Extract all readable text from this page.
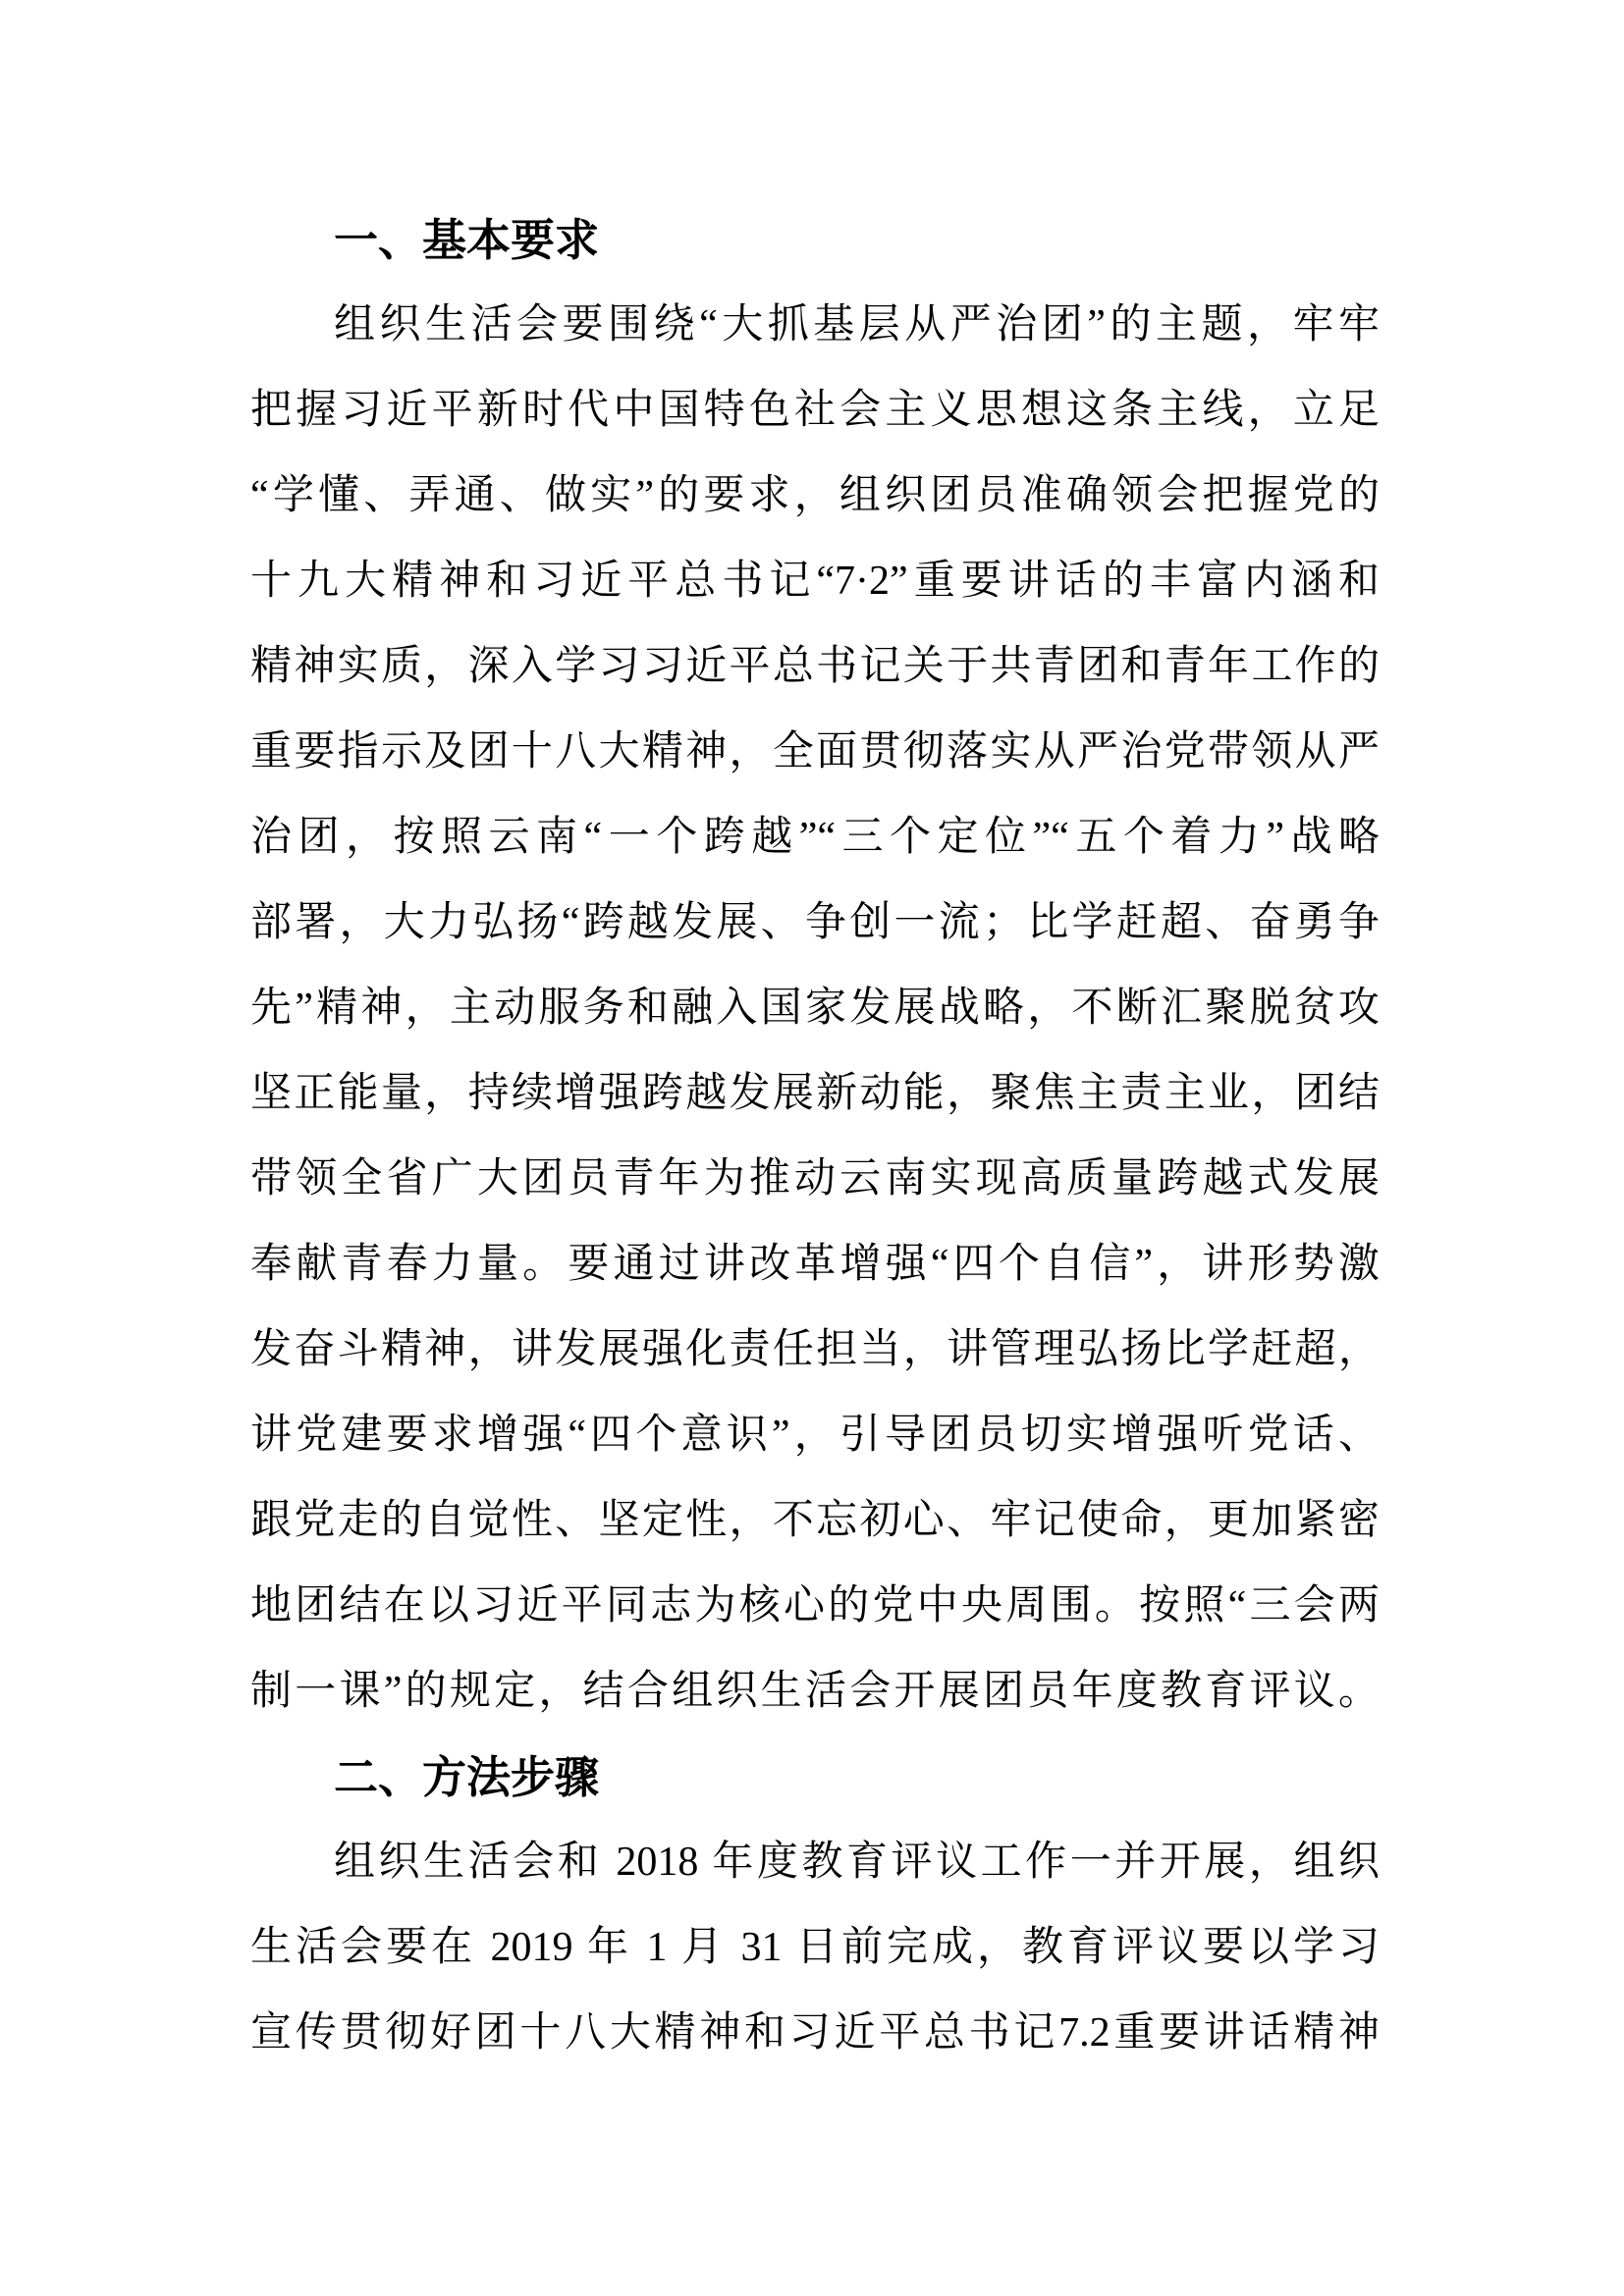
一、基本要求
组织生活会要围绕“大抓基层从严治团”的主题，牢牢
把握习近平新时代中国特色社会主义思想这条主线，立足
“学懂、弄通、做实”的要求，组织团员准确领会把握党的
十九大精神和习近平总书记“7·2”重要讲话的丰富内涵和
精神实质，深入学习习近平总书记关于共青团和青年工作的
重要指示及团十八大精神，全面贯彻落实从严治党带领从严
治团，按照云南“一个跨越”“三个定位”“五个着力”战略
部署，大力弘扬“跨越发展、争创一流；比学赶超、奋勇争
先”精神，主动服务和融入国家发展战略，不断汇聚脱贫攻
坚正能量，持续增强跨越发展新动能，聚焦主责主业，团结
带领全省广大团员青年为推动云南实现高质量跨越式发展
奉献青春力量。要通过讲改革增强“四个自信”，讲形势激
发奋斗精神，讲发展强化责任担当，讲管理弘扬比学赶超，
讲党建要求增强“四个意识”，引导团员切实增强听党话、
跟党走的自觉性、坚定性，不忘初心、牢记使命，更加紧密
地团结在以习近平同志为核心的党中央周围。按照“三会两
制一课”的规定，结合组织生活会开展团员年度教育评议。
二、方法步骤
组织生活会和 2018 年度教育评议工作一并开展，组织
生活会要在 2019 年 1 月 31 日前完成，教育评议要以学习
宣传贯彻好团十八大精神和习近平总书记7.2重要讲话精神
